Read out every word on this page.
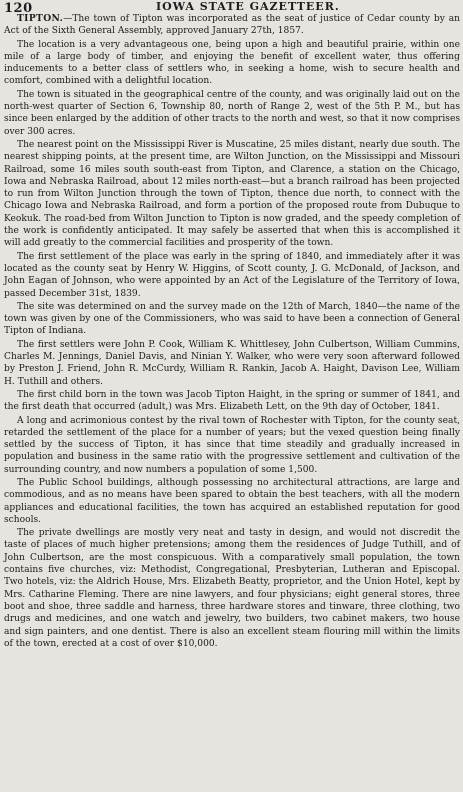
120	IOWA STATE GAZETTEER.

TIPTON.—The town of Tipton was incorporated as the seat of justice of Cedar county by an Act of the Sixth General Assembly, approved January 27th, 1857.

The location is a very advantageous one, being upon a high and beautiful prairie, within one mile of a large body of timber, and enjoying the benefit of excellent water, thus offering inducements to a better class of settlers who, in seeking a home, wish to secure health and comfort, combined with a delightful location.

The town is situated in the geographical centre of the county, and was originally laid out on the north-west quarter of Section 6, Township 80, north of Range 2, west of the 5th P. M., but has since been enlarged by the addition of other tracts to the north and west, so that it now comprises over 300 acres.

The nearest point on the Mississippi River is Muscatine, 25 miles distant, nearly due south. The nearest shipping points, at the present time, are Wilton Junction, on the Mississippi and Missouri Railroad, some 16 miles south south-east from Tipton, and Clarence, a station on the Chicago, Iowa and Nebraska Railroad, about 12 miles north-east—but a branch railroad has been projected to run from Wilton Junction through the town of Tipton, thence due north, to connect with the Chicago Iowa and Nebraska Railroad, and form a portion of the proposed route from Dubuque to Keokuk. The road-bed from Wilton Junction to Tipton is now graded, and the speedy completion of the work is confidently anticipated. It may safely be asserted that when this is accomplished it will add greatly to the commercial facilities and prosperity of the town.

The first settlement of the place was early in the spring of 1840, and immediately after it was located as the county seat by Henry W. Higgins, of Scott county, J. G. McDonald, of Jackson, and John Eagan of Johnson, who were appointed by an Act of the Legislature of the Territory of Iowa, passed December 31st, 1839.

The site was determined on and the survey made on the 12th of March, 1840—the name of the town was given by one of the Commissioners, who was said to have been a connection of General Tipton of Indiana.

The first settlers were John P. Cook, William K. Whittlesey, John Culbertson, William Cummins, Charles M. Jennings, Daniel Davis, and Ninian Y. Walker, who were very soon afterward followed by Preston J. Friend, John R. McCurdy, William R. Rankin, Jacob A. Haight, Davison Lee, William H. Tuthill and others.

The first child born in the town was Jacob Tipton Haight, in the spring or summer of 1841, and the first death that occurred (adult,) was Mrs. Elizabeth Lett, on the 9th day of October, 1841.

A long and acrimonious contest by the rival town of Rochester with Tipton, for the county seat, retarded the settlement of the place for a number of years; but the vexed question being finally settled by the success of Tipton, it has since that time steadily and gradually increased in population and business in the same ratio with the progressive settlement and cultivation of the surrounding country, and now numbers a population of some 1,500.

The Public School buildings, although possessing no architectural attractions, are large and commodious, and as no means have been spared to obtain the best teachers, with all the modern appliances and educational facilities, the town has acquired an established reputation for good schools.

The private dwellings are mostly very neat and tasty in design, and would not discredit the taste of places of much higher pretensions; among them the residences of Judge Tuthill, and of John Culbertson, are the most conspicuous. With a comparatively small population, the town contains five churches, viz: Methodist, Congregational, Presbyterian, Lutheran and Episcopal. Two hotels, viz: the Aldrich House, Mrs. Elizabeth Beatty, proprietor, and the Union Hotel, kept by Mrs. Catharine Fleming. There are nine lawyers, and four physicians; eight general stores, three boot and shoe, three saddle and harness, three hardware stores and tinware, three clothing, two drugs and medicines, and one watch and jewelry, two builders, two cabinet makers, two house and sign painters, and one dentist. There is also an excellent steam flouring mill within the limits of the town, erected at a cost of over $10,000.
